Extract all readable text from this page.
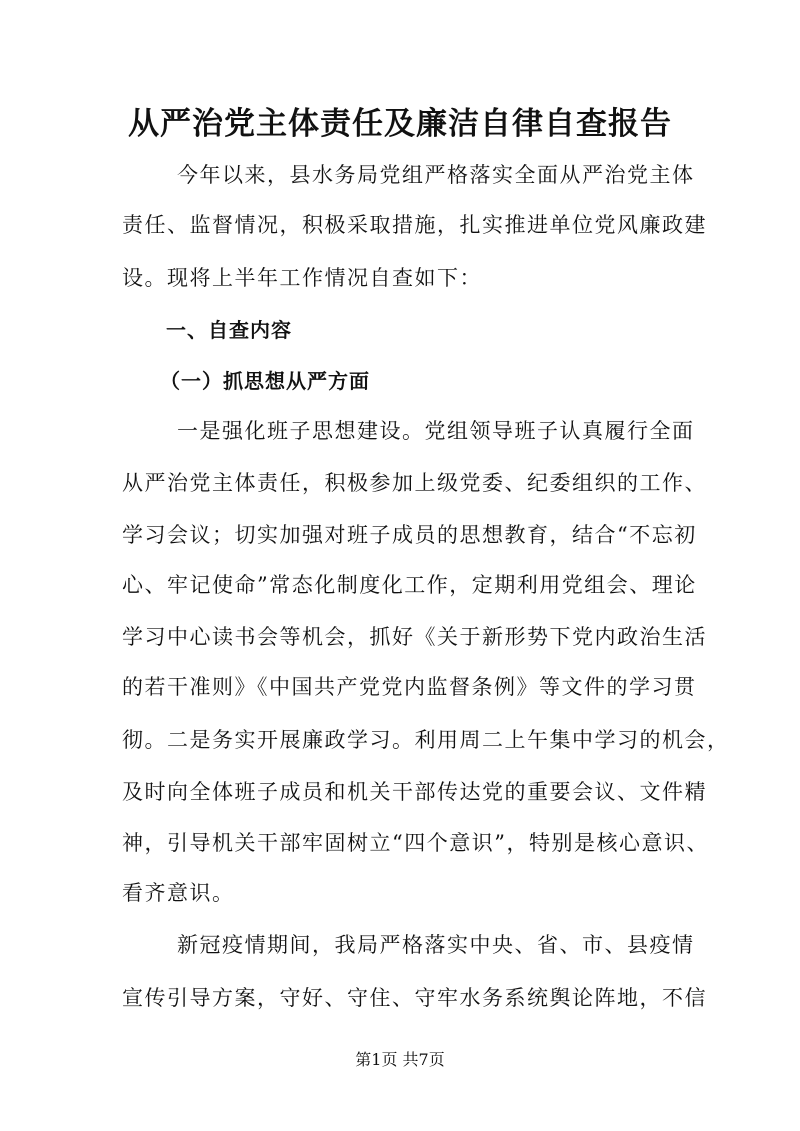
从严治党主体责任及廉洁自律自查报告
今年以来，县水务局党组严格落实全面从严治党主体
责任、监督情况，积极采取措施，扎实推进单位党风廉政建
设。现将上半年工作情况自查如下：
一、自查内容
（一）抓思想从严方面
一是强化班子思想建设。党组领导班子认真履行全面
从严治党主体责任，积极参加上级党委、纪委组织的工作、
学习会议；切实加强对班子成员的思想教育，结合“不忘初
心、牢记使命”常态化制度化工作，定期利用党组会、理论
学习中心读书会等机会，抓好《关于新形势下党内政治生活
的若干准则》《中国共产党党内监督条例》等文件的学习贯
彻。二是务实开展廉政学习。利用周二上午集中学习的机会，
及时向全体班子成员和机关干部传达党的重要会议、文件精
神，引导机关干部牢固树立“四个意识”，特别是核心意识、
看齐意识。
新冠疫情期间，我局严格落实中央、省、市、县疫情
宣传引导方案，守好、守住、守牢水务系统舆论阵地，不信
第1页 共7页
